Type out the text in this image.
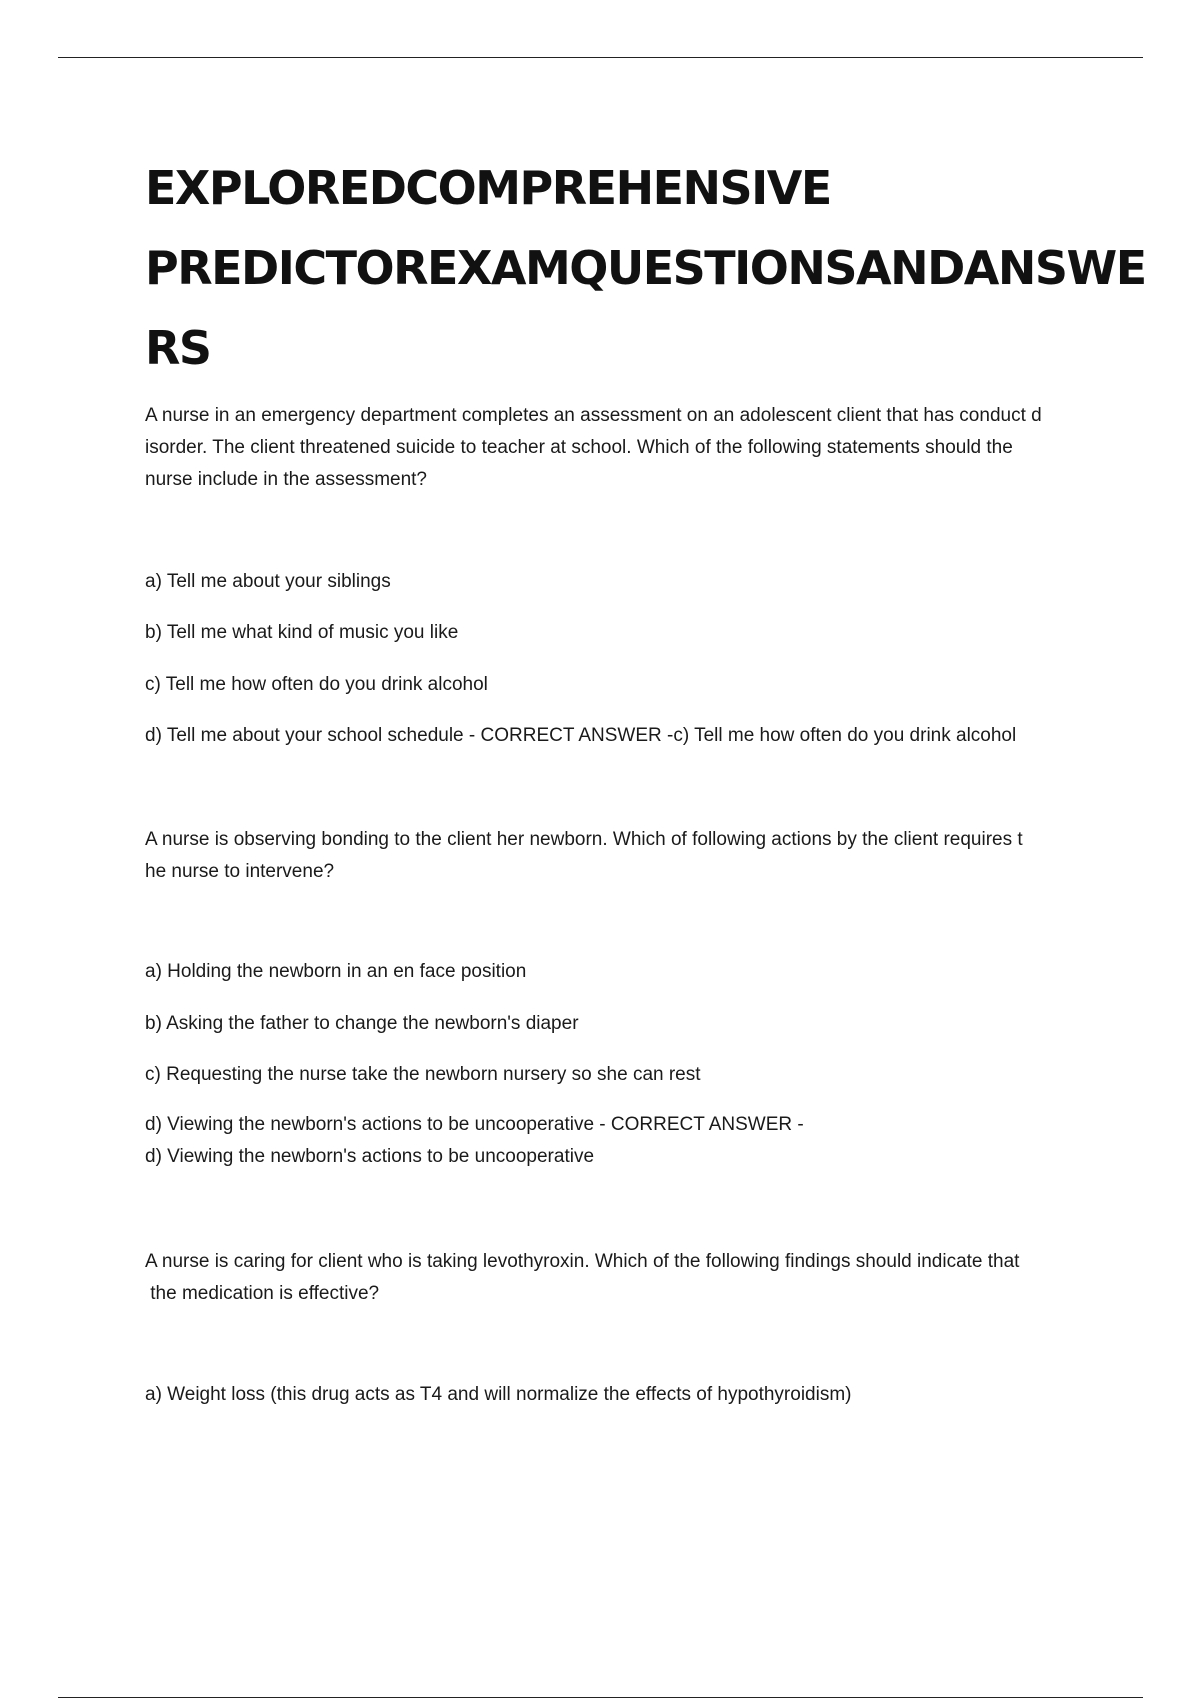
EXPLOREDCOMPREHENSIVE
PREDICTOREXAMQUESTIONSANDANSWE
RS
A nurse in an emergency department completes an assessment on an adolescent client that has conduct d
isorder. The client threatened suicide to teacher at school. Which of the following statements should the
nurse include in the assessment?
a) Tell me about your siblings
b) Tell me what kind of music you like
c) Tell me how often do you drink alcohol
d) Tell me about your school schedule - CORRECT ANSWER -c) Tell me how often do you drink alcohol
A nurse is observing bonding to the client her newborn. Which of following actions by the client requires t
he nurse to intervene?
a) Holding the newborn in an en face position
b) Asking the father to change the newborn's diaper
c) Requesting the nurse take the newborn nursery so she can rest
d) Viewing the newborn's actions to be uncooperative - CORRECT ANSWER -
d) Viewing the newborn's actions to be uncooperative
A nurse is caring for client who is taking levothyroxin. Which of the following findings should indicate that
the medication is effective?
a) Weight loss (this drug acts as T4 and will normalize the effects of hypothyroidism)
